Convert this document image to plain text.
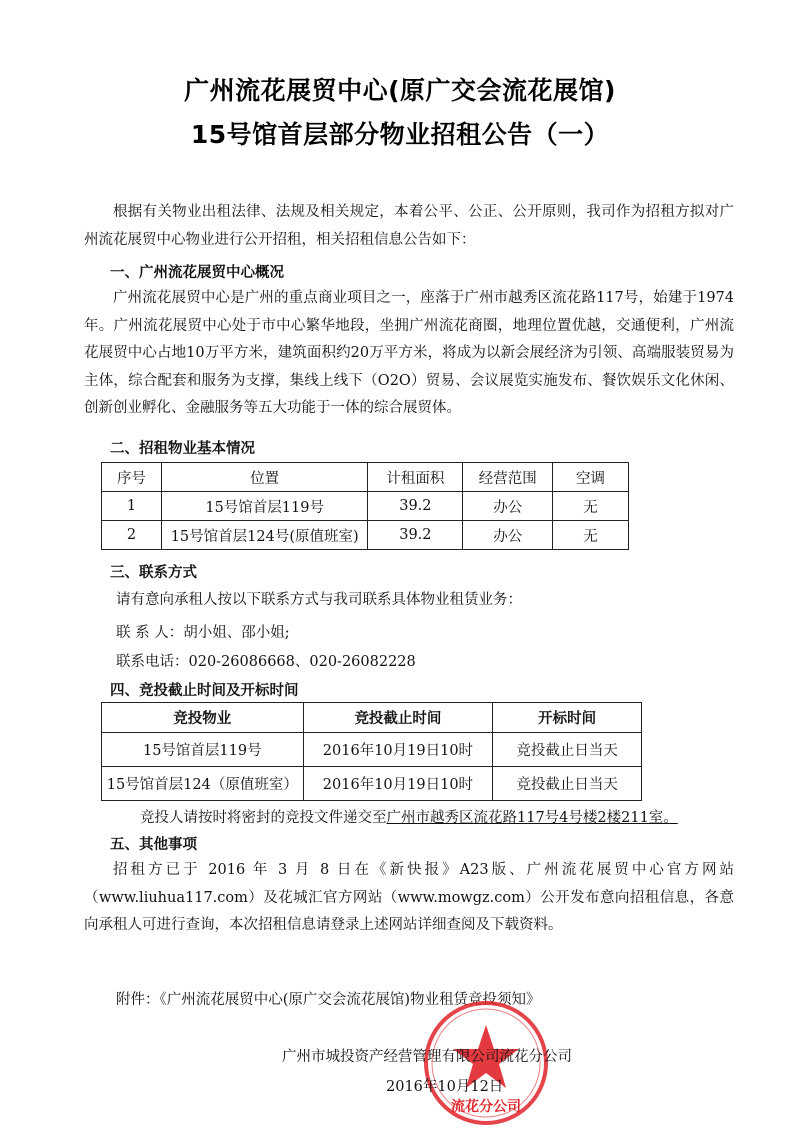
广州流花展贸中心(原广交会流花展馆)
15号馆首层部分物业招租公告（一）
根据有关物业出租法律、法规及相关规定，本着公平、公正、公开原则，我司作为招租方拟对广州流花展贸中心物业进行公开招租，相关招租信息公告如下：
一、广州流花展贸中心概况
广州流花展贸中心是广州的重点商业项目之一，座落于广州市越秀区流花路117号，始建于1974年。广州流花展贸中心处于市中心繁华地段，坐拥广州流花商圈，地理位置优越，交通便利，广州流花展贸中心占地10万平方米，建筑面积约20万平方米，将成为以新会展经济为引领、高端服装贸易为主体，综合配套和服务为支撑，集线上线下（O2O）贸易、会议展览实施发布、餐饮娱乐文化休闲、创新创业孵化、金融服务等五大功能于一体的综合展贸体。
二、招租物业基本情况
序号	位置	计租面积	经营范围	空调
1	15号馆首层119号	39.2	办公	无
2	15号馆首层124号(原值班室)	39.2	办公	无
三、联系方式
请有意向承租人按以下联系方式与我司联系具体物业租赁业务：
联 系 人：胡小姐、邵小姐;
联系电话：020-26086668、020-26082228
四、竞投截止时间及开标时间
竞投物业	竞投截止时间	开标时间
15号馆首层119号	2016年10月19日10时	竞投截止日当天
15号馆首层124（原值班室）	2016年10月19日10时	竞投截止日当天
竞投人请按时将密封的竞投文件递交至广州市越秀区流花路117号4号楼2楼211室。
五、其他事项
招租方已于 2016 年 3 月 8 日在《新快报》A23版、广州流花展贸中心官方网站（www.liuhua117.com）及花城汇官方网站（www.mowgz.com）公开发布意向招租信息，各意向承租人可进行查询，本次招租信息请登录上述网站详细查阅及下载资料。
附件：《广州流花展贸中心(原广交会流花展馆)物业租赁竞投须知》
流花分公司
广州市城投资产经营管理有限公司流花分公司
2016年10月12日
